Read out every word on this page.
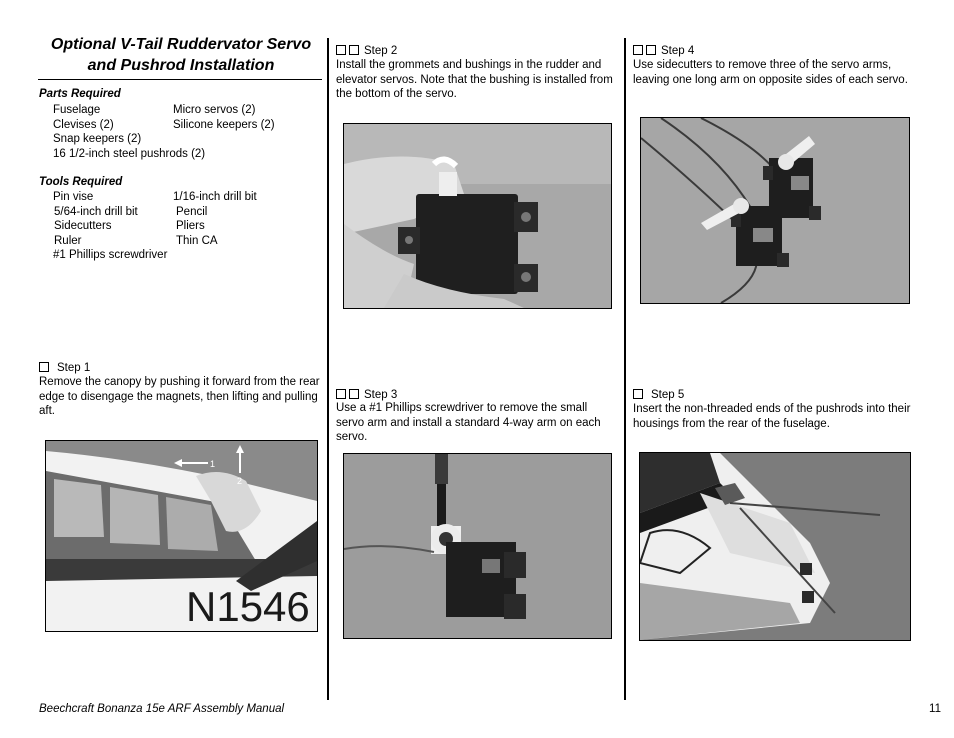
Optional V-Tail Ruddervator Servo and Pushrod Installation
Parts Required
Fuselage	Micro servos (2)
Clevises (2)	Silicone keepers (2)
Snap keepers (2)
16 1/2-inch steel pushrods (2)
Tools Required
Pin vise	1/16-inch drill bit
5/64-inch drill bit	Pencil
Sidecutters	Pliers
Ruler	Thin CA
#1 Phillips screwdriver
Step 1
Remove the canopy by pushing it forward from the rear edge to disengage the magnets, then lifting and pulling aft.
N1546
1
2
Step 2
Install the grommets and bushings in the rudder and elevator servos. Note that the bushing is installed from the bottom of the servo.
Step 3
Use a #1 Phillips screwdriver to remove the small servo arm and install a standard 4-way arm on each servo.
Step 4
Use sidecutters to remove three of the servo arms, leaving one long arm on opposite sides of each servo.
Step 5
Insert the non-threaded ends of the pushrods into their housings from the rear of the fuselage.
Beechcraft Bonanza 15e ARF Assembly Manual	11
